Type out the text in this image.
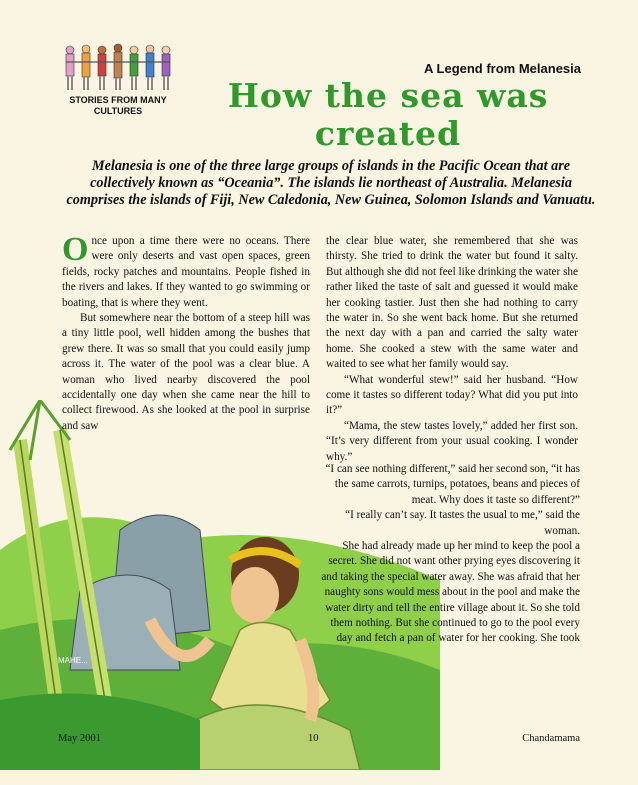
STORIES FROM MANY CULTURES
A Legend from Melanesia
How the sea was created
Melanesia is one of the three large groups of islands in the Pacific Ocean that are collectively known as “Oceania”. The islands lie northeast of Australia. Melanesia comprises the islands of Fiji, New Caledonia, New Guinea, Solomon Islands and Vanuatu.
MAHE...

Once upon a time there were no oceans. There were only deserts and vast open spaces, green fields, rocky patches and mountains. People fished in the rivers and lakes. If they wanted to go swimming or boating, that is where they went.

But somewhere near the bottom of a steep hill was a tiny little pool, well hidden among the bushes that grew there. It was so small that you could easily jump across it. The water of the pool was a clear blue. A woman who lived nearby discovered the pool accidentally one day when she came near the hill to collect firewood. As she looked at the pool in surprise and saw

the clear blue water, she remembered that she was thirsty. She tried to drink the water but found it salty. But although she did not feel like drinking the water she rather liked the taste of salt and guessed it would make her cooking tastier. Just then she had nothing to carry the water in. So she went back home. But she returned the next day with a pan and carried the salty water home. She cooked a stew with the same water and waited to see what her family would say.

“What wonderful stew!” said her husband. “How come it tastes so different today? What did you put into it?”

“Mama, the stew tastes lovely,” added her first son. “It’s very different from your usual cooking. I wonder why.”

“I can see nothing different,” said her second son, “it has the same carrots, turnips, potatoes, beans and pieces of meat. Why does it taste so different?”

“I really can’t say. It tastes the usual to me,” said the woman.

She had already made up her mind to keep the pool a secret. She did not want other prying eyes discovering it and taking the special water away. She was afraid that her naughty sons would mess about in the pool and make the water dirty and tell the entire village about it. So she told them nothing. But she continued to go to the pool every day and fetch a pan of water for her cooking. She took

May 2001	10	Chandamama
